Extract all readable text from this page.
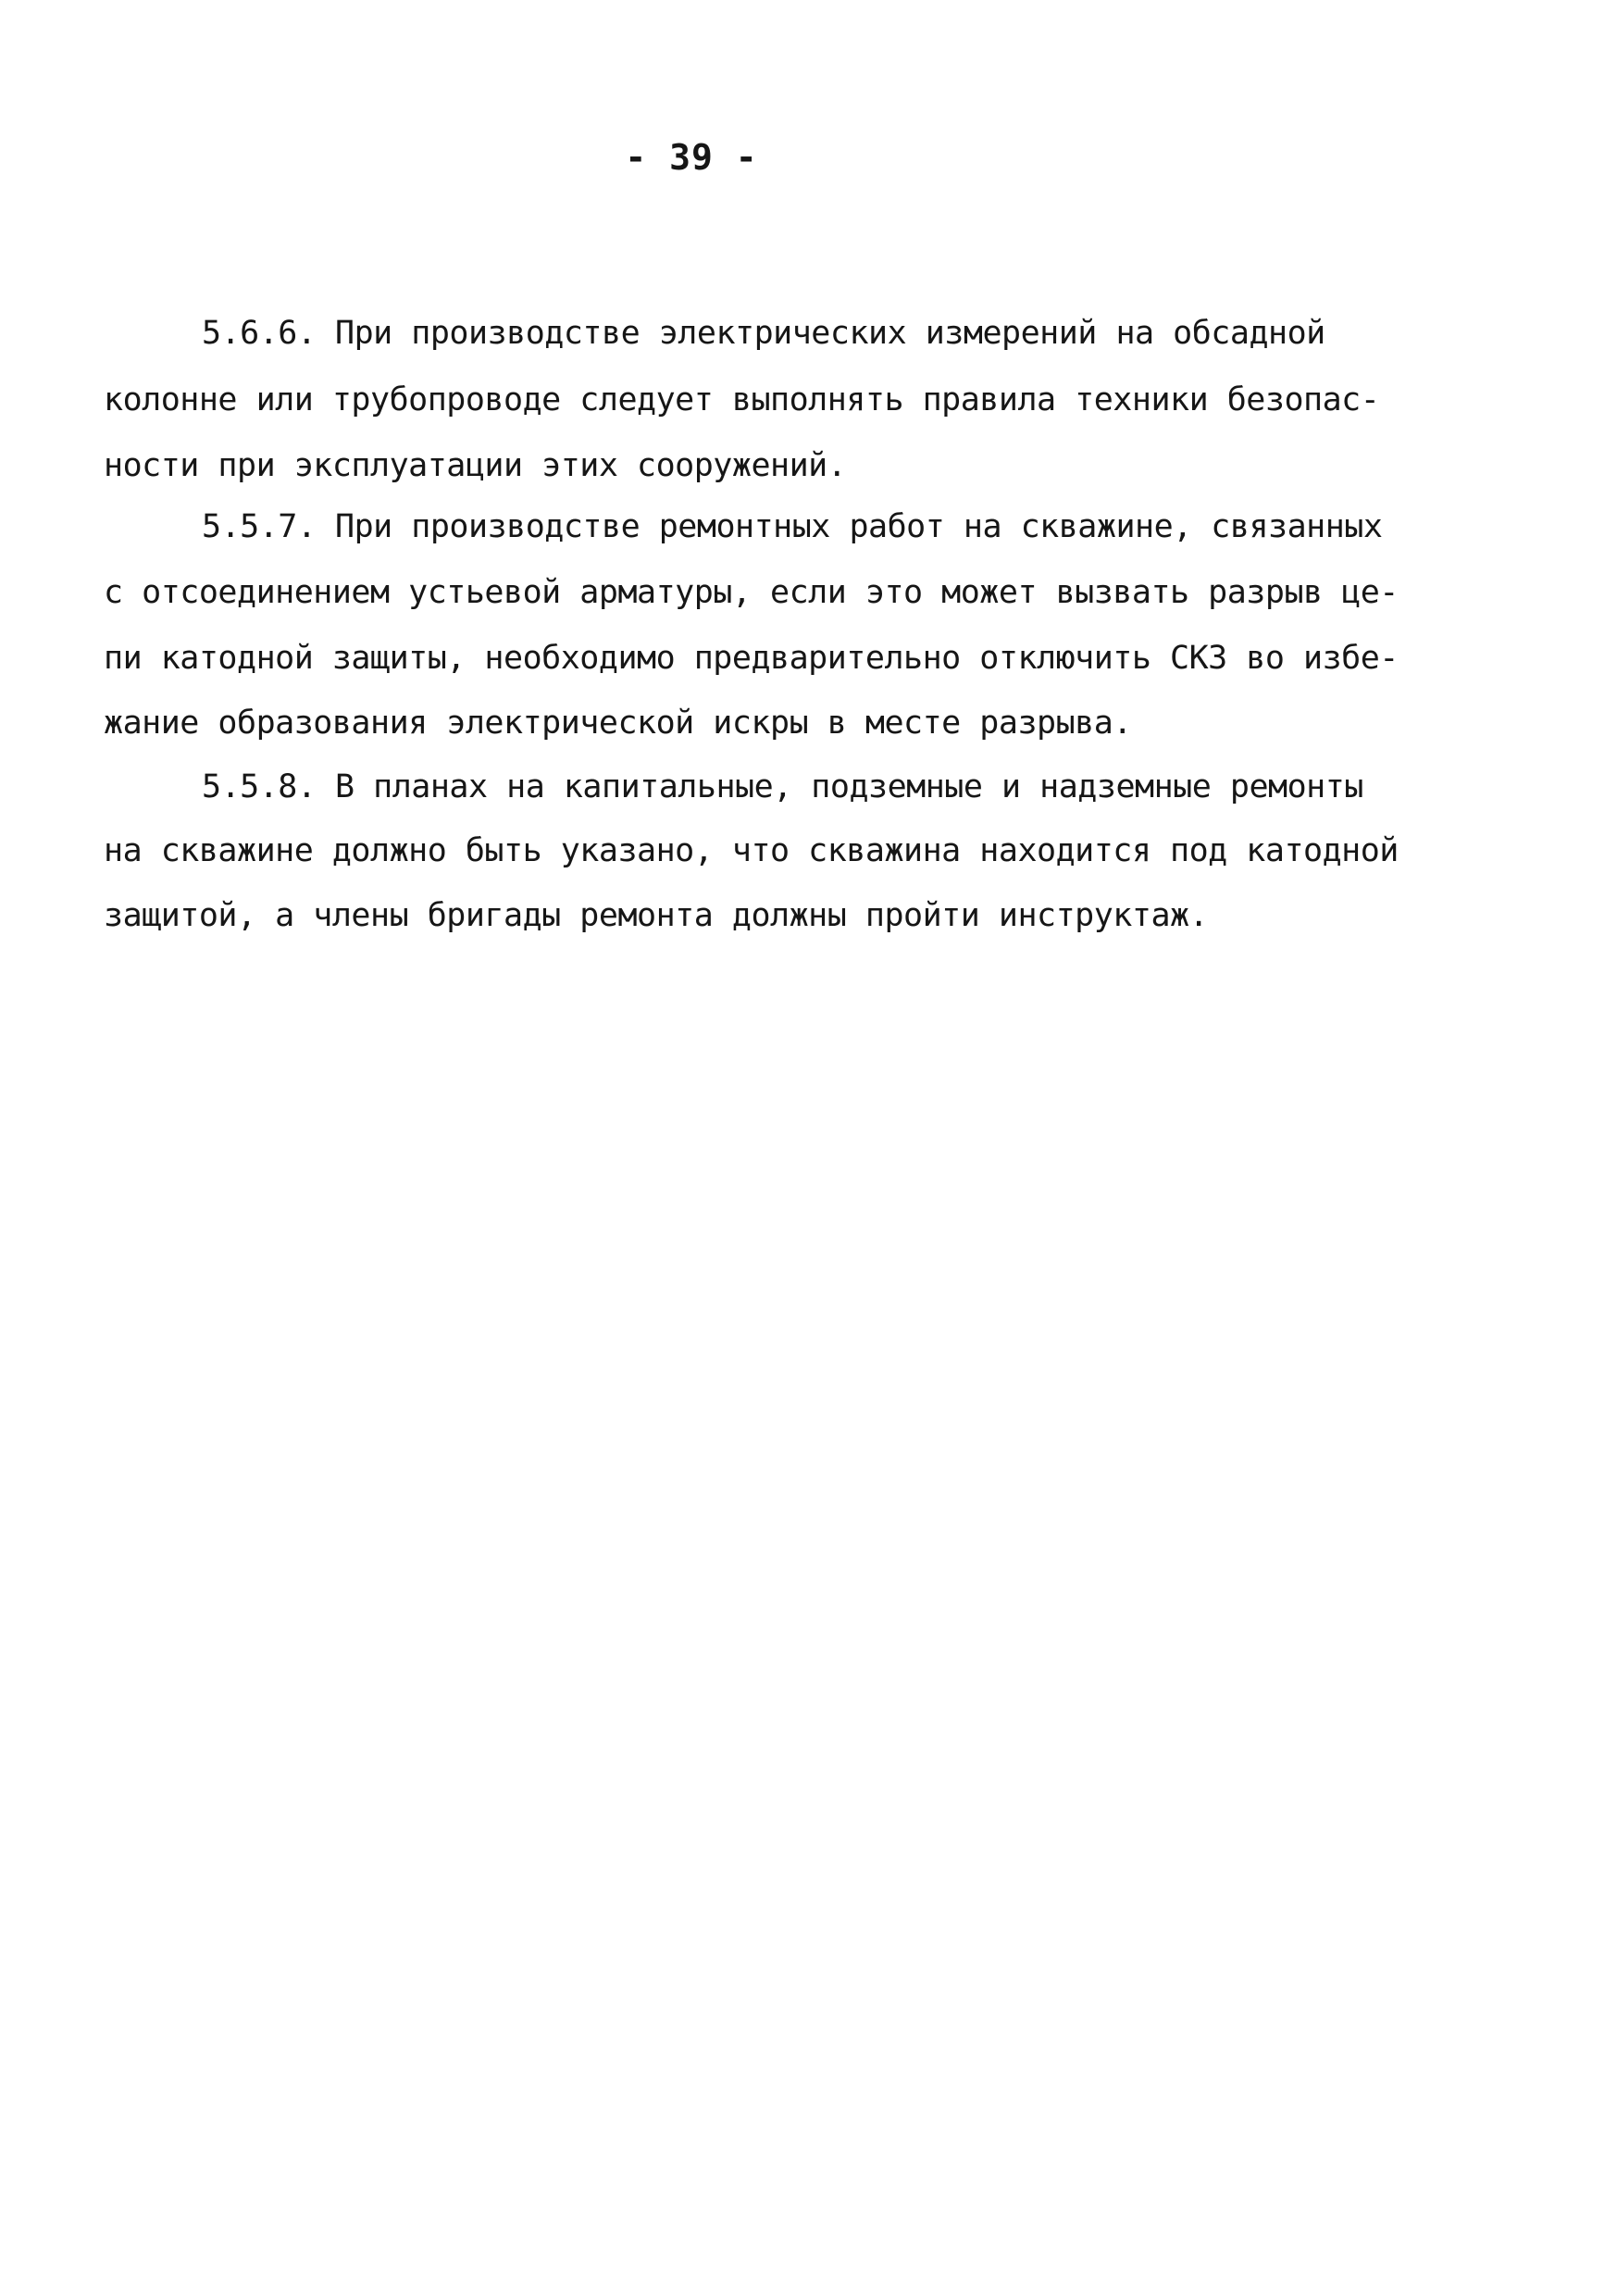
- 39 -
5.6.6. При производстве электрических измерений на обсадной
колонне или трубопроводе следует выполнять правила техники безопас-
ности при эксплуатации этих сооружений.
5.5.7. При производстве ремонтных работ на скважине, связанных
с отсоединением устьевой арматуры, если это может вызвать разрыв це-
пи катодной защиты, необходимо предварительно отключить СКЗ во избе-
жание образования электрической искры в месте разрыва.
5.5.8. В планах на капитальные, подземные и надземные ремонты
на скважине должно быть указано, что скважина находится под катодной
защитой, а члены бригады ремонта должны пройти инструктаж.
